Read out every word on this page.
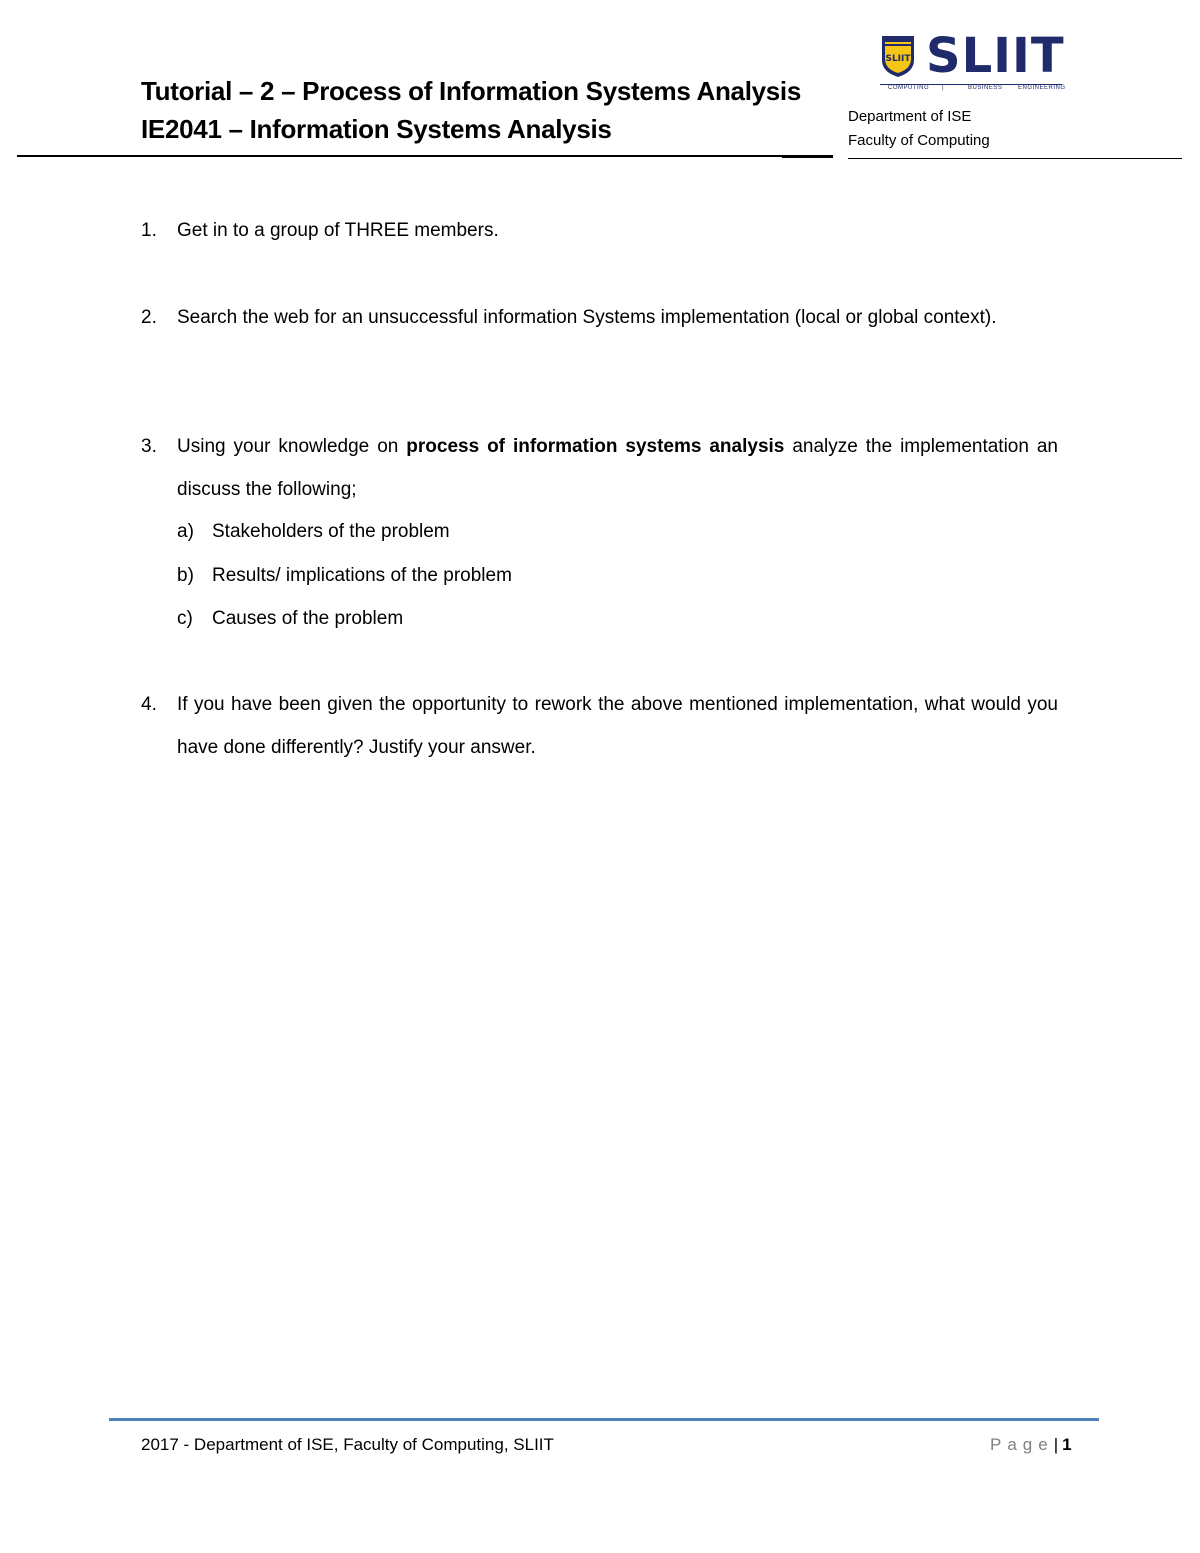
Tutorial – 2 – Process of Information Systems Analysis
IE2041 – Information Systems Analysis
SLIIT SLIIT
COMPUTING |	BUSINESS	ENGINEERING
Department of ISE
Faculty of Computing
1. Get in to a group of THREE members.
2. Search the web for an unsuccessful information Systems implementation (local or global context).
3. Using your knowledge on process of information systems analysis analyze the implementation an discuss the following;
a) Stakeholders of the problem
b) Results/ implications of the problem
c) Causes of the problem
4. If you have been given the opportunity to rework the above mentioned implementation, what would you have done differently? Justify your answer.
2017 - Department of ISE, Faculty of Computing, SLIIT	Page| 1
